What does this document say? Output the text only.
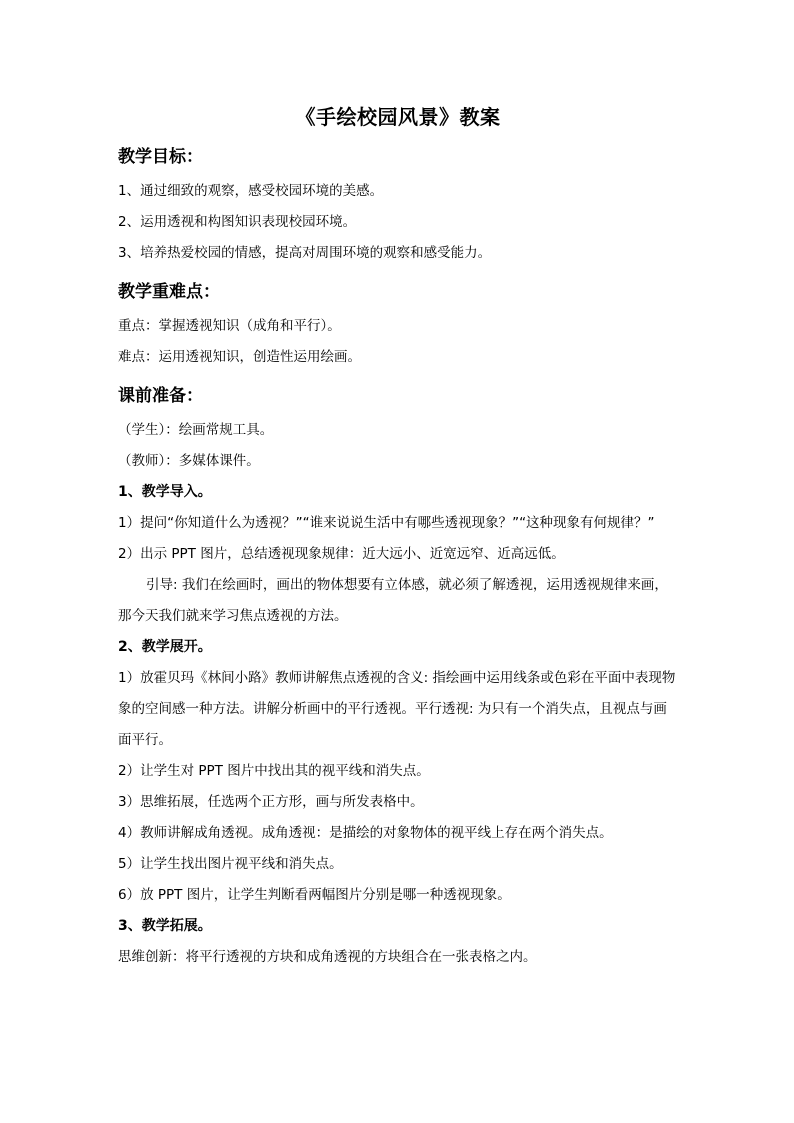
《手绘校园风景》教案
教学目标：
1、通过细致的观察，感受校园环境的美感。
2、运用透视和构图知识表现校园环境。
3、培养热爱校园的情感，提高对周围环境的观察和感受能力。
教学重难点：
重点：掌握透视知识（成角和平行）。
难点：运用透视知识，创造性运用绘画。
课前准备：
（学生）：绘画常规工具。
（教师）：多媒体课件。
1、教学导入。
1）提问“你知道什么为透视？”“谁来说说生活中有哪些透视现象？”“这种现象有何规律？”
2）出示 PPT 图片，总结透视现象规律：近大远小、近宽远窄、近高远低。
引导: 我们在绘画时，画出的物体想要有立体感，就必须了解透视，运用透视规律来画，那今天我们就来学习焦点透视的方法。
2、教学展开。
1）放霍贝玛《林间小路》教师讲解焦点透视的含义: 指绘画中运用线条或色彩在平面中表现物象的空间感一种方法。讲解分析画中的平行透视。平行透视: 为只有一个消失点，且视点与画面平行。
2）让学生对 PPT 图片中找出其的视平线和消失点。
3）思维拓展，任选两个正方形，画与所发表格中。
4）教师讲解成角透视。成角透视：是描绘的对象物体的视平线上存在两个消失点。
5）让学生找出图片视平线和消失点。
6）放 PPT 图片，让学生判断看两幅图片分别是哪一种透视现象。
3、教学拓展。
思维创新：将平行透视的方块和成角透视的方块组合在一张表格之内。
